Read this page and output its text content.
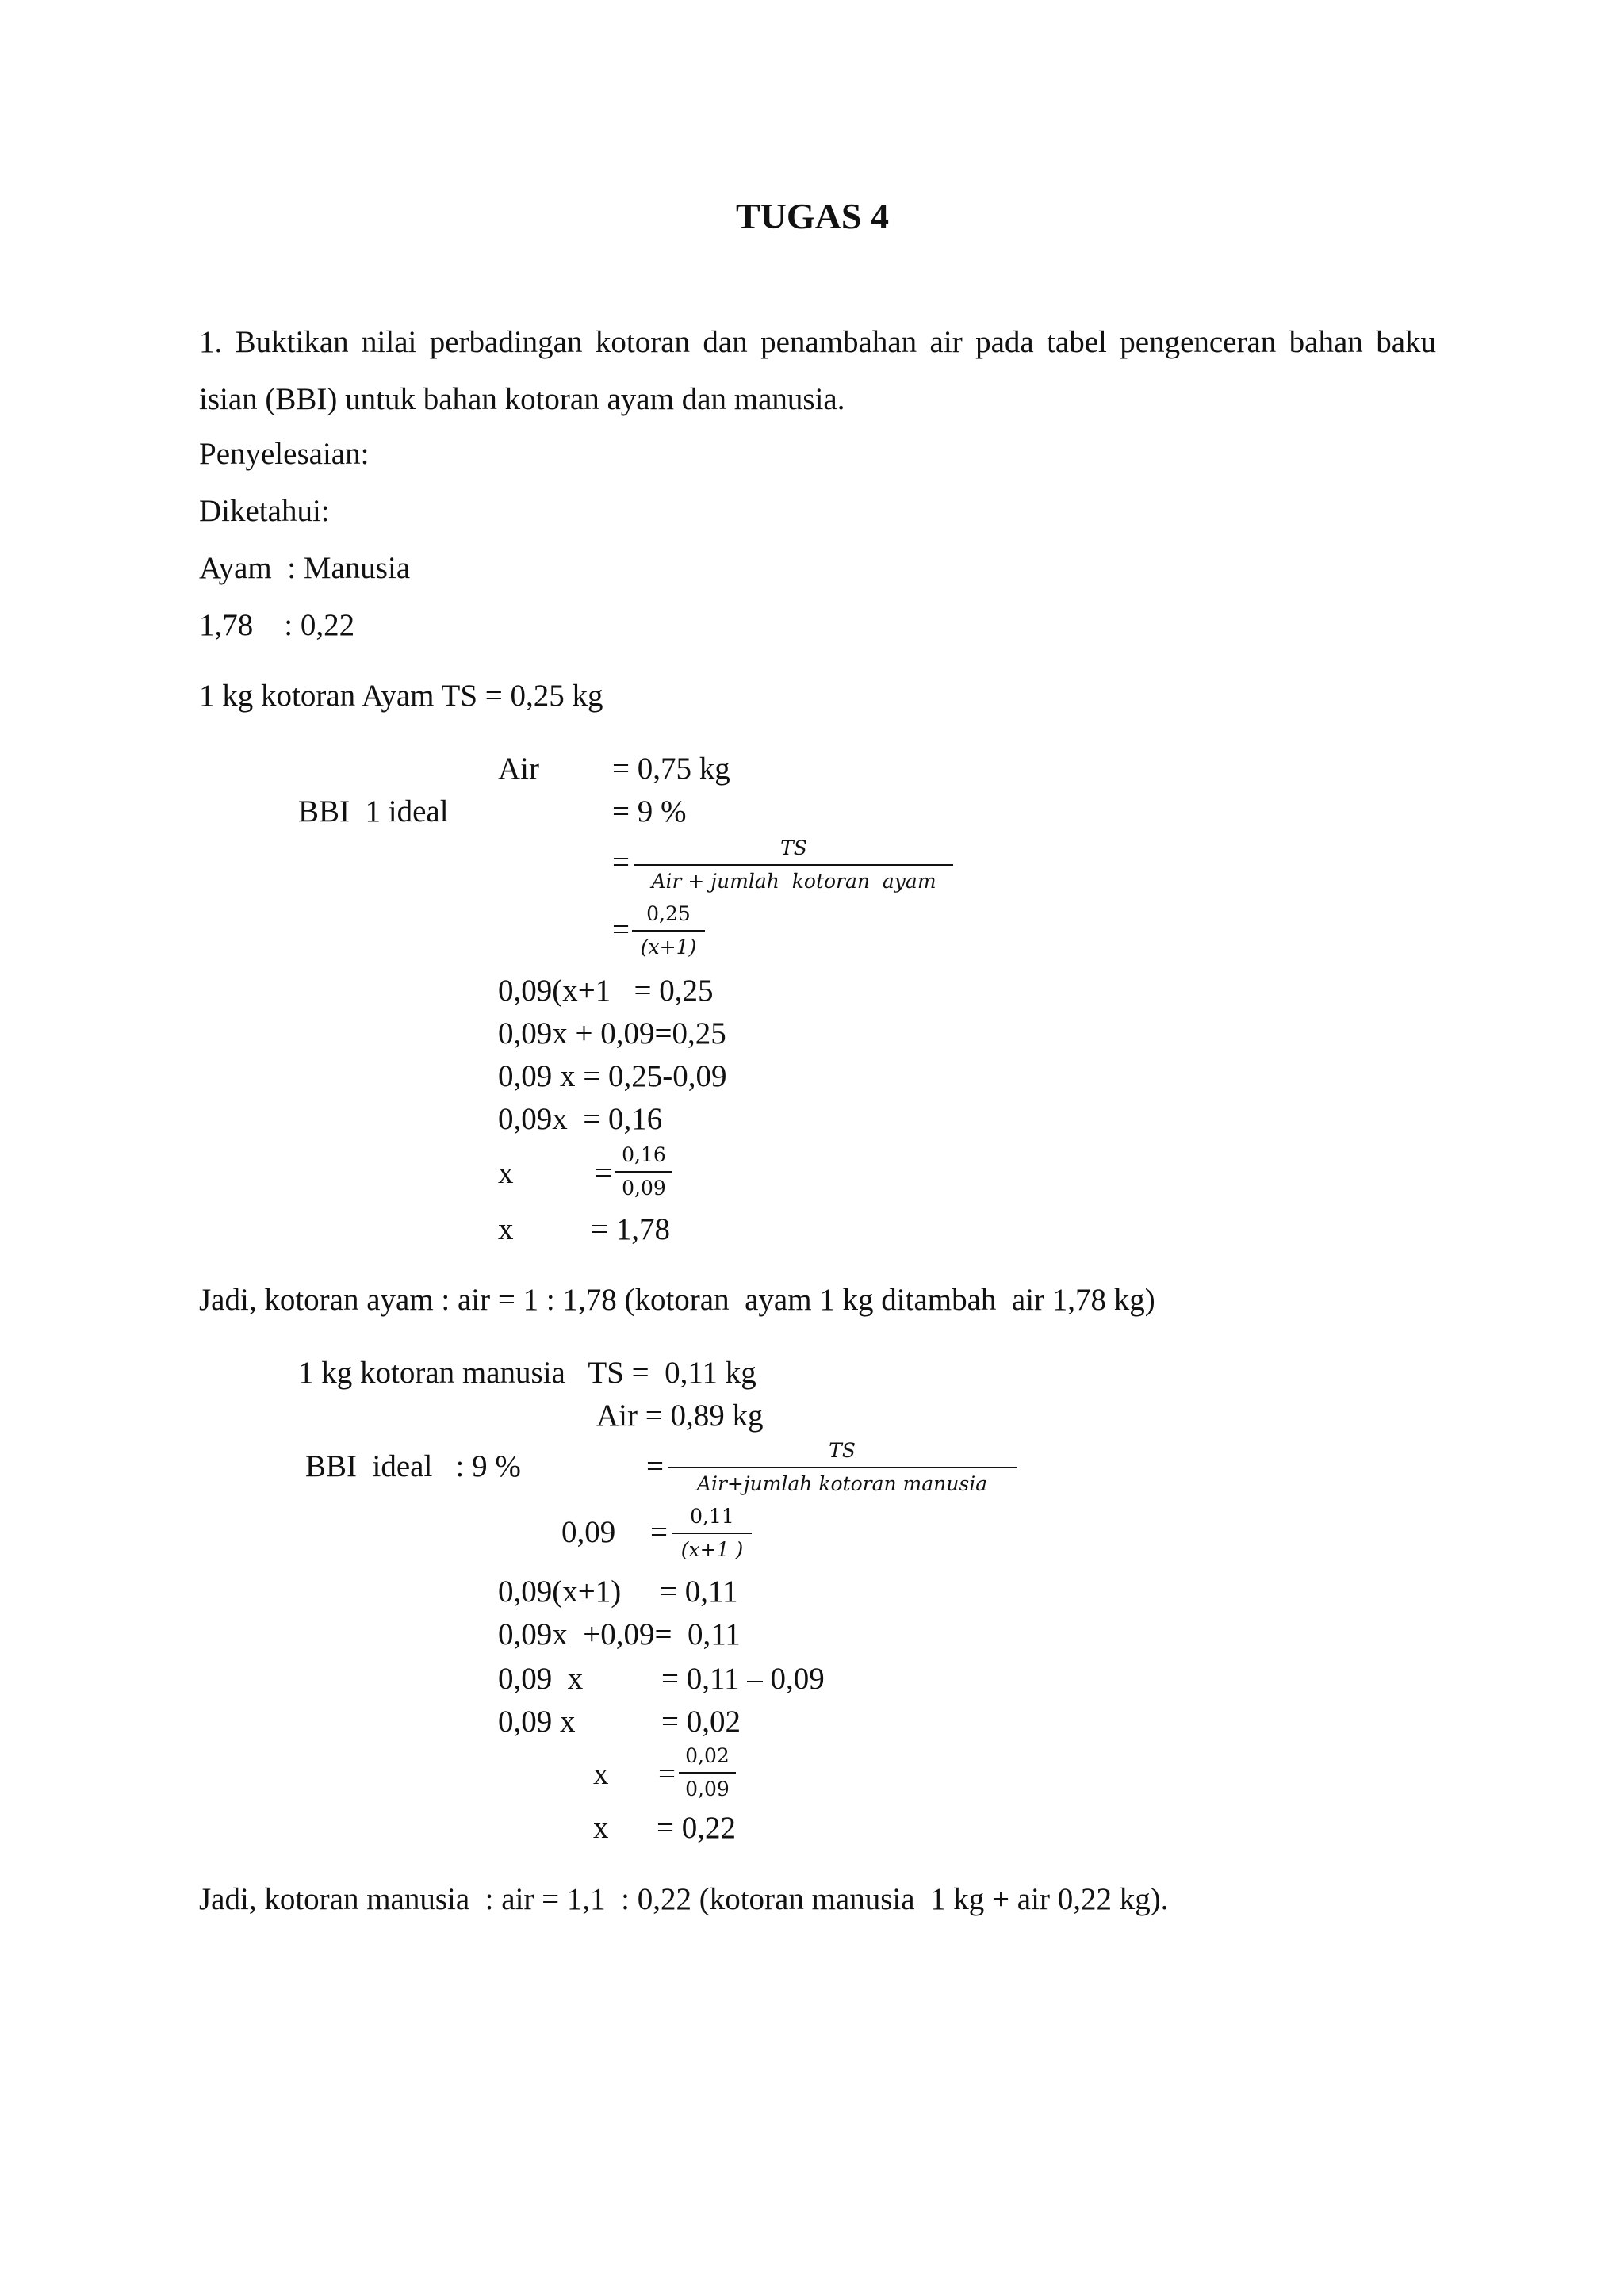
TUGAS 4
1. Buktikan nilai perbadingan kotoran dan penambahan air pada tabel pengenceran bahan baku isian (BBI) untuk bahan kotoran ayam dan manusia.
Penyelesaian:
Diketahui:
Ayam  : Manusia
1,78    : 0,22
1 kg kotoran Ayam TS = 0,25 kg
Air = 0,75 kg
BBI  1 ideal	= 9 %
=	TS
Air + jumlah  kotoran  ayam
= 0,25
(x+1)
0,09(x+1   = 0,25
0,09x + 0,09=0,25
0,09 x = 0,25-0,09
0,09x  = 0,16
x	=
0,16
0,09
x	= 1,78
Jadi, kotoran ayam : air = 1 : 1,78 (kotoran  ayam 1 kg ditambah  air 1,78 kg)
1 kg kotoran manusia   TS =  0,11 kg
Air = 0,89 kg
BBI  ideal   : 9 %	=	TS
Air+jumlah kotoran manusia
0,09 = 0,11
(x+1 )
0,09(x+1)     = 0,11
0,09x  +0,09=  0,11
0,09  x	= 0,11 – 0,09
0,09 x	= 0,02
x =
0,02
0,09
x = 0,22
Jadi, kotoran manusia  : air = 1,1  : 0,22 (kotoran manusia  1 kg + air 0,22 kg).
